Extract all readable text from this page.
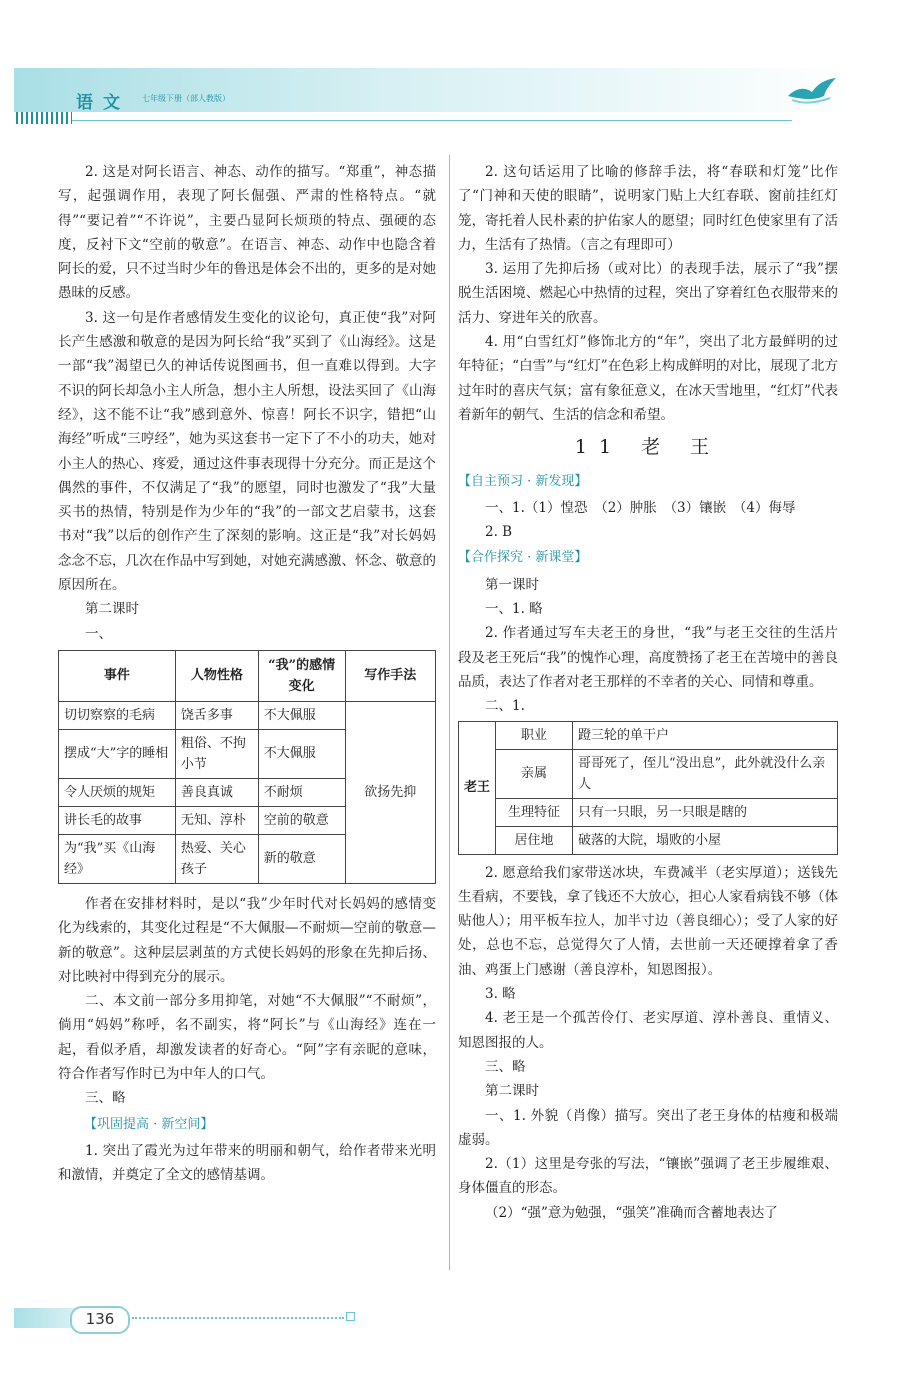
语文 七年级下册（部人教版）

2. 这是对阿长语言、神态、动作的描写。“郑重”，神态描写，起强调作用，表现了阿长倔强、严肃的性格特点。“就得”“要记着”“不许说”，主要凸显阿长烦琐的特点、强硬的态度，反衬下文“空前的敬意”。在语言、神态、动作中也隐含着阿长的爱，只不过当时少年的鲁迅是体会不出的，更多的是对她愚昧的反感。

3. 这一句是作者感情发生变化的议论句，真正使“我”对阿长产生感激和敬意的是因为阿长给“我”买到了《山海经》。这是一部“我”渴望已久的神话传说图画书，但一直难以得到。大字不识的阿长却急小主人所急，想小主人所想，设法买回了《山海经》，这不能不让“我”感到意外、惊喜！阿长不识字，错把“山海经”听成“三哼经”，她为买这套书一定下了不小的功夫，她对小主人的热心、疼爱，通过这件事表现得十分充分。而正是这个偶然的事件，不仅满足了“我”的愿望，同时也激发了“我”大量买书的热情，特别是作为少年的“我”的一部文艺启蒙书，这套书对“我”以后的创作产生了深刻的影响。这正是“我”对长妈妈念念不忘，几次在作品中写到她，对她充满感激、怀念、敬意的原因所在。

第二课时

一、

事件	人物性格	“我”的感情变化	写作手法
切切察察的毛病	饶舌多事	不大佩服	欲扬先抑
摆成“大”字的睡相	粗俗、不拘小节	不大佩服	
令人厌烦的规矩	善良真诚	不耐烦	
讲长毛的故事	无知、淳朴	空前的敬意	
为“我”买《山海经》	热爱、关心孩子	新的敬意	

作者在安排材料时，是以“我”少年时代对长妈妈的感情变化为线索的，其变化过程是“不大佩服—不耐烦—空前的敬意—新的敬意”。这种层层剥茧的方式使长妈妈的形象在先抑后扬、对比映衬中得到充分的展示。

二、本文前一部分多用抑笔，对她“不大佩服”“不耐烦”，倘用“妈妈”称呼，名不副实，将“阿长”与《山海经》连在一起，看似矛盾，却激发读者的好奇心。“阿”字有亲昵的意味，符合作者写作时已为中年人的口气。

三、略

【巩固提高 · 新空间】

1. 突出了霞光为过年带来的明丽和朝气，给作者带来光明和激情，并奠定了全文的感情基调。

2. 这句话运用了比喻的修辞手法，将“春联和灯笼”比作了“门神和天使的眼睛”，说明家门贴上大红春联、窗前挂红灯笼，寄托着人民朴素的护佑家人的愿望；同时红色使家里有了活力，生活有了热情。（言之有理即可）

3. 运用了先抑后扬（或对比）的表现手法，展示了“我”摆脱生活困境、燃起心中热情的过程，突出了穿着红色衣服带来的活力、穿进年关的欣喜。

4. 用“白雪红灯”修饰北方的“年”，突出了北方最鲜明的过年特征；“白雪”与“红灯”在色彩上构成鲜明的对比，展现了北方过年时的喜庆气氛；富有象征意义，在冰天雪地里，“红灯”代表着新年的朝气、生活的信念和希望。

11 老 王

【自主预习 · 新发现】

一、1.（1）惶恐　（2）肿胀　（3）镶嵌　（4）侮辱

2. B

【合作探究 · 新课堂】

第一课时

一、1. 略

2. 作者通过写车夫老王的身世，“我”与老王交往的生活片段及老王死后“我”的愧怍心理，高度赞扬了老王在苦境中的善良品质，表达了作者对老王那样的不幸者的关心、同情和尊重。

二、1.

老王	职业	蹬三轮的单干户
	亲属	哥哥死了，侄儿“没出息”，此外就没什么亲人
	生理特征	只有一只眼，另一只眼是瞎的
	居住地	破落的大院，塌败的小屋

2. 愿意给我们家带送冰块，车费减半（老实厚道）；送钱先生看病，不要钱，拿了钱还不大放心，担心人家看病钱不够（体贴他人）；用平板车拉人，加半寸边（善良细心）；受了人家的好处，总也不忘，总觉得欠了人情，去世前一天还硬撑着拿了香油、鸡蛋上门感谢（善良淳朴，知恩图报）。

3. 略

4. 老王是一个孤苦伶仃、老实厚道、淳朴善良、重情义、知恩图报的人。

三、略

第二课时

一、1. 外貌（肖像）描写。突出了老王身体的枯瘦和极端虚弱。

2.（1）这里是夸张的写法，“镶嵌”强调了老王步履维艰、身体僵直的形态。

（2）“强”意为勉强，“强笑”准确而含蓄地表达了

136
